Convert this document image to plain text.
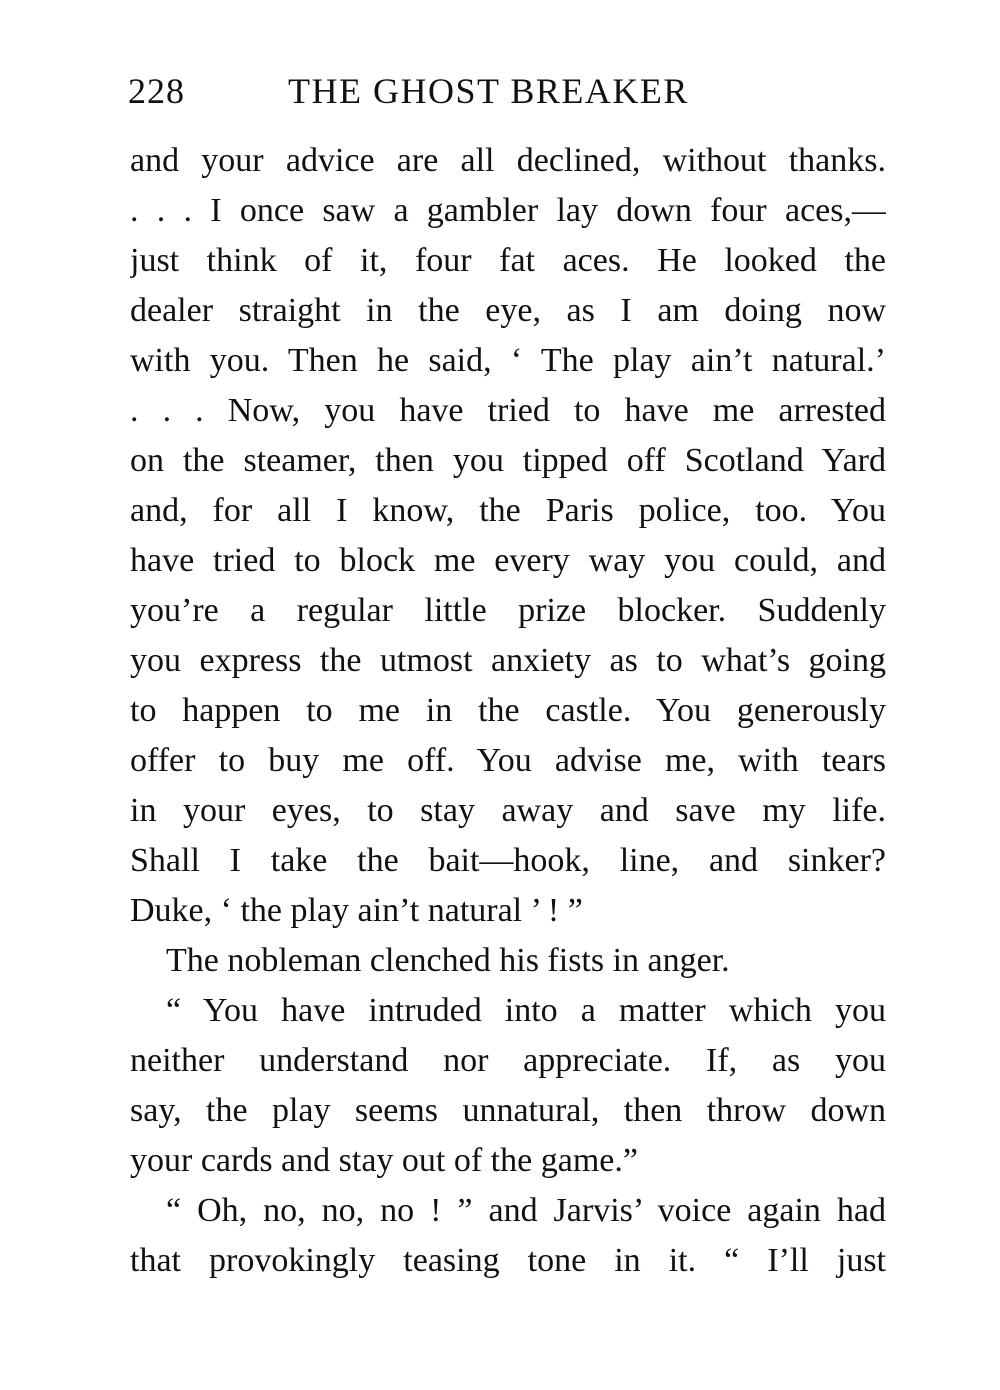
228	THE GHOST BREAKER
and your advice are all declined, without thanks.
. . . I once saw a gambler lay down four aces,—
just think of it, four fat aces. He looked the
dealer straight in the eye, as I am doing now
with you. Then he said, ‘ The play ain’t natural.’
. . . Now, you have tried to have me arrested
on the steamer, then you tipped off Scotland Yard
and, for all I know, the Paris police, too. You
have tried to block me every way you could, and
you’re a regular little prize blocker. Suddenly
you express the utmost anxiety as to what’s going
to happen to me in the castle. You generously
offer to buy me off. You advise me, with tears
in your eyes, to stay away and save my life.
Shall I take the bait—hook, line, and sinker?
Duke, ‘ the play ain’t natural ’ ! ”
The nobleman clenched his fists in anger.
“ You have intruded into a matter which you
neither understand nor appreciate. If, as you
say, the play seems unnatural, then throw down
your cards and stay out of the game.”
“ Oh, no, no, no ! ” and Jarvis’ voice again had
that provokingly teasing tone in it. “ I’ll just
